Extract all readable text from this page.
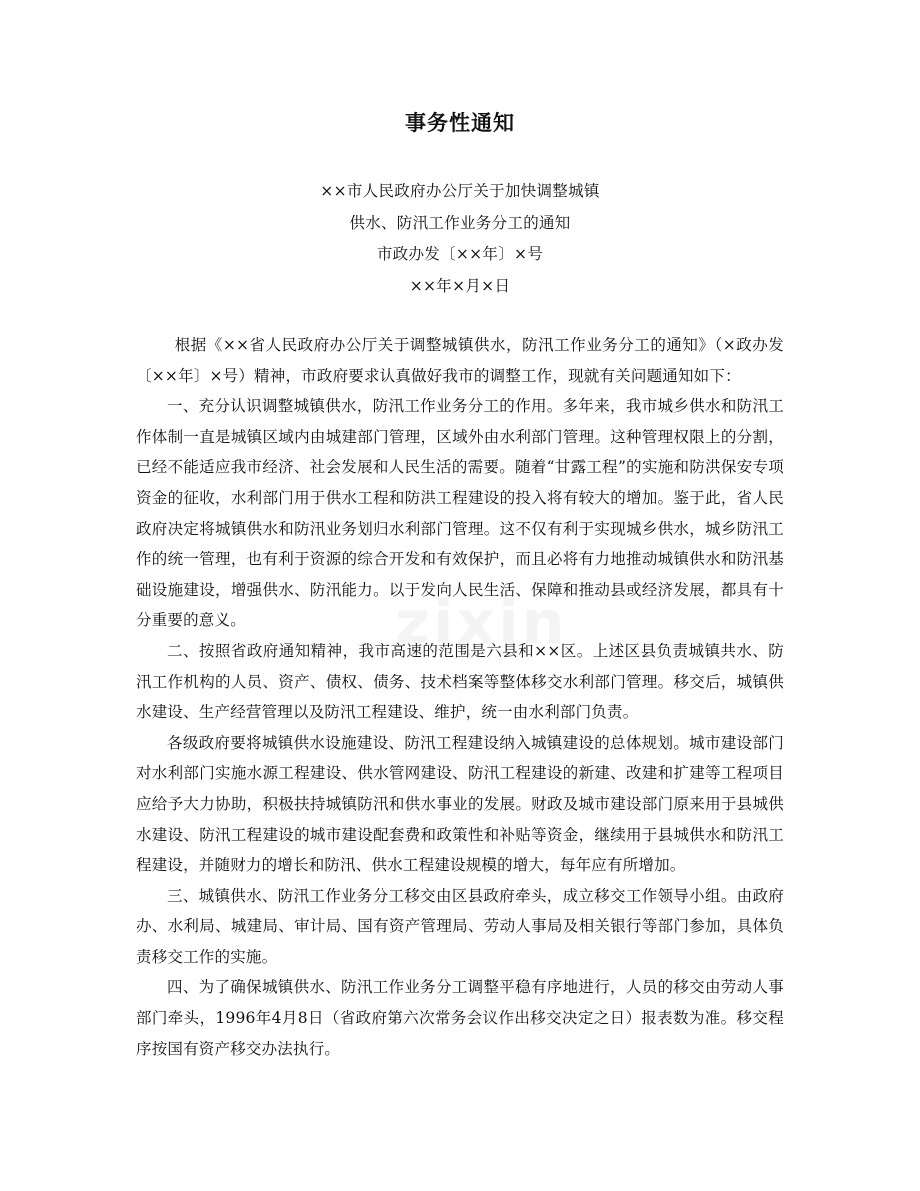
事务性通知
××市人民政府办公厅关于加快调整城镇
供水、防汛工作业务分工的通知
市政办发〔××年〕×号
××年×月×日

根据《××省人民政府办公厅关于调整城镇供水，防汛工作业务分工的通知》（×政办发〔××年〕×号）精神，市政府要求认真做好我市的调整工作，现就有关问题通知如下：

一、充分认识调整城镇供水，防汛工作业务分工的作用。多年来，我市城乡供水和防汛工作体制一直是城镇区域内由城建部门管理，区域外由水利部门管理。这种管理权限上的分割，已经不能适应我市经济、社会发展和人民生活的需要。随着“甘露工程”的实施和防洪保安专项资金的征收，水利部门用于供水工程和防洪工程建设的投入将有较大的增加。鉴于此，省人民政府决定将城镇供水和防汛业务划归水利部门管理。这不仅有利于实现城乡供水，城乡防汛工作的统一管理，也有利于资源的综合开发和有效保护，而且必将有力地推动城镇供水和防汛基础设施建设，增强供水、防汛能力。以于发向人民生活、保障和推动县或经济发展，都具有十分重要的意义。

二、按照省政府通知精神，我市高速的范围是六县和××区。上述区县负责城镇共水、防汛工作机构的人员、资产、债权、债务、技术档案等整体移交水利部门管理。移交后，城镇供水建设、生产经营管理以及防汛工程建设、维护，统一由水利部门负责。

各级政府要将城镇供水设施建设、防汛工程建设纳入城镇建设的总体规划。城市建设部门对水利部门实施水源工程建设、供水管网建设、防汛工程建设的新建、改建和扩建等工程项目应给予大力协助，积极扶持城镇防汛和供水事业的发展。财政及城市建设部门原来用于县城供水建设、防汛工程建设的城市建设配套费和政策性和补贴等资金，继续用于县城供水和防汛工程建设，并随财力的增长和防汛、供水工程建设规模的增大，每年应有所增加。

三、城镇供水、防汛工作业务分工移交由区县政府牵头，成立移交工作领导小组。由政府办、水利局、城建局、审计局、国有资产管理局、劳动人事局及相关银行等部门参加，具体负责移交工作的实施。

四、为了确保城镇供水、防汛工作业务分工调整平稳有序地进行，人员的移交由劳动人事部门牵头，1996年4月8日（省政府第六次常务会议作出移交决定之日）报表数为准。移交程序按国有资产移交办法执行。

zixin
